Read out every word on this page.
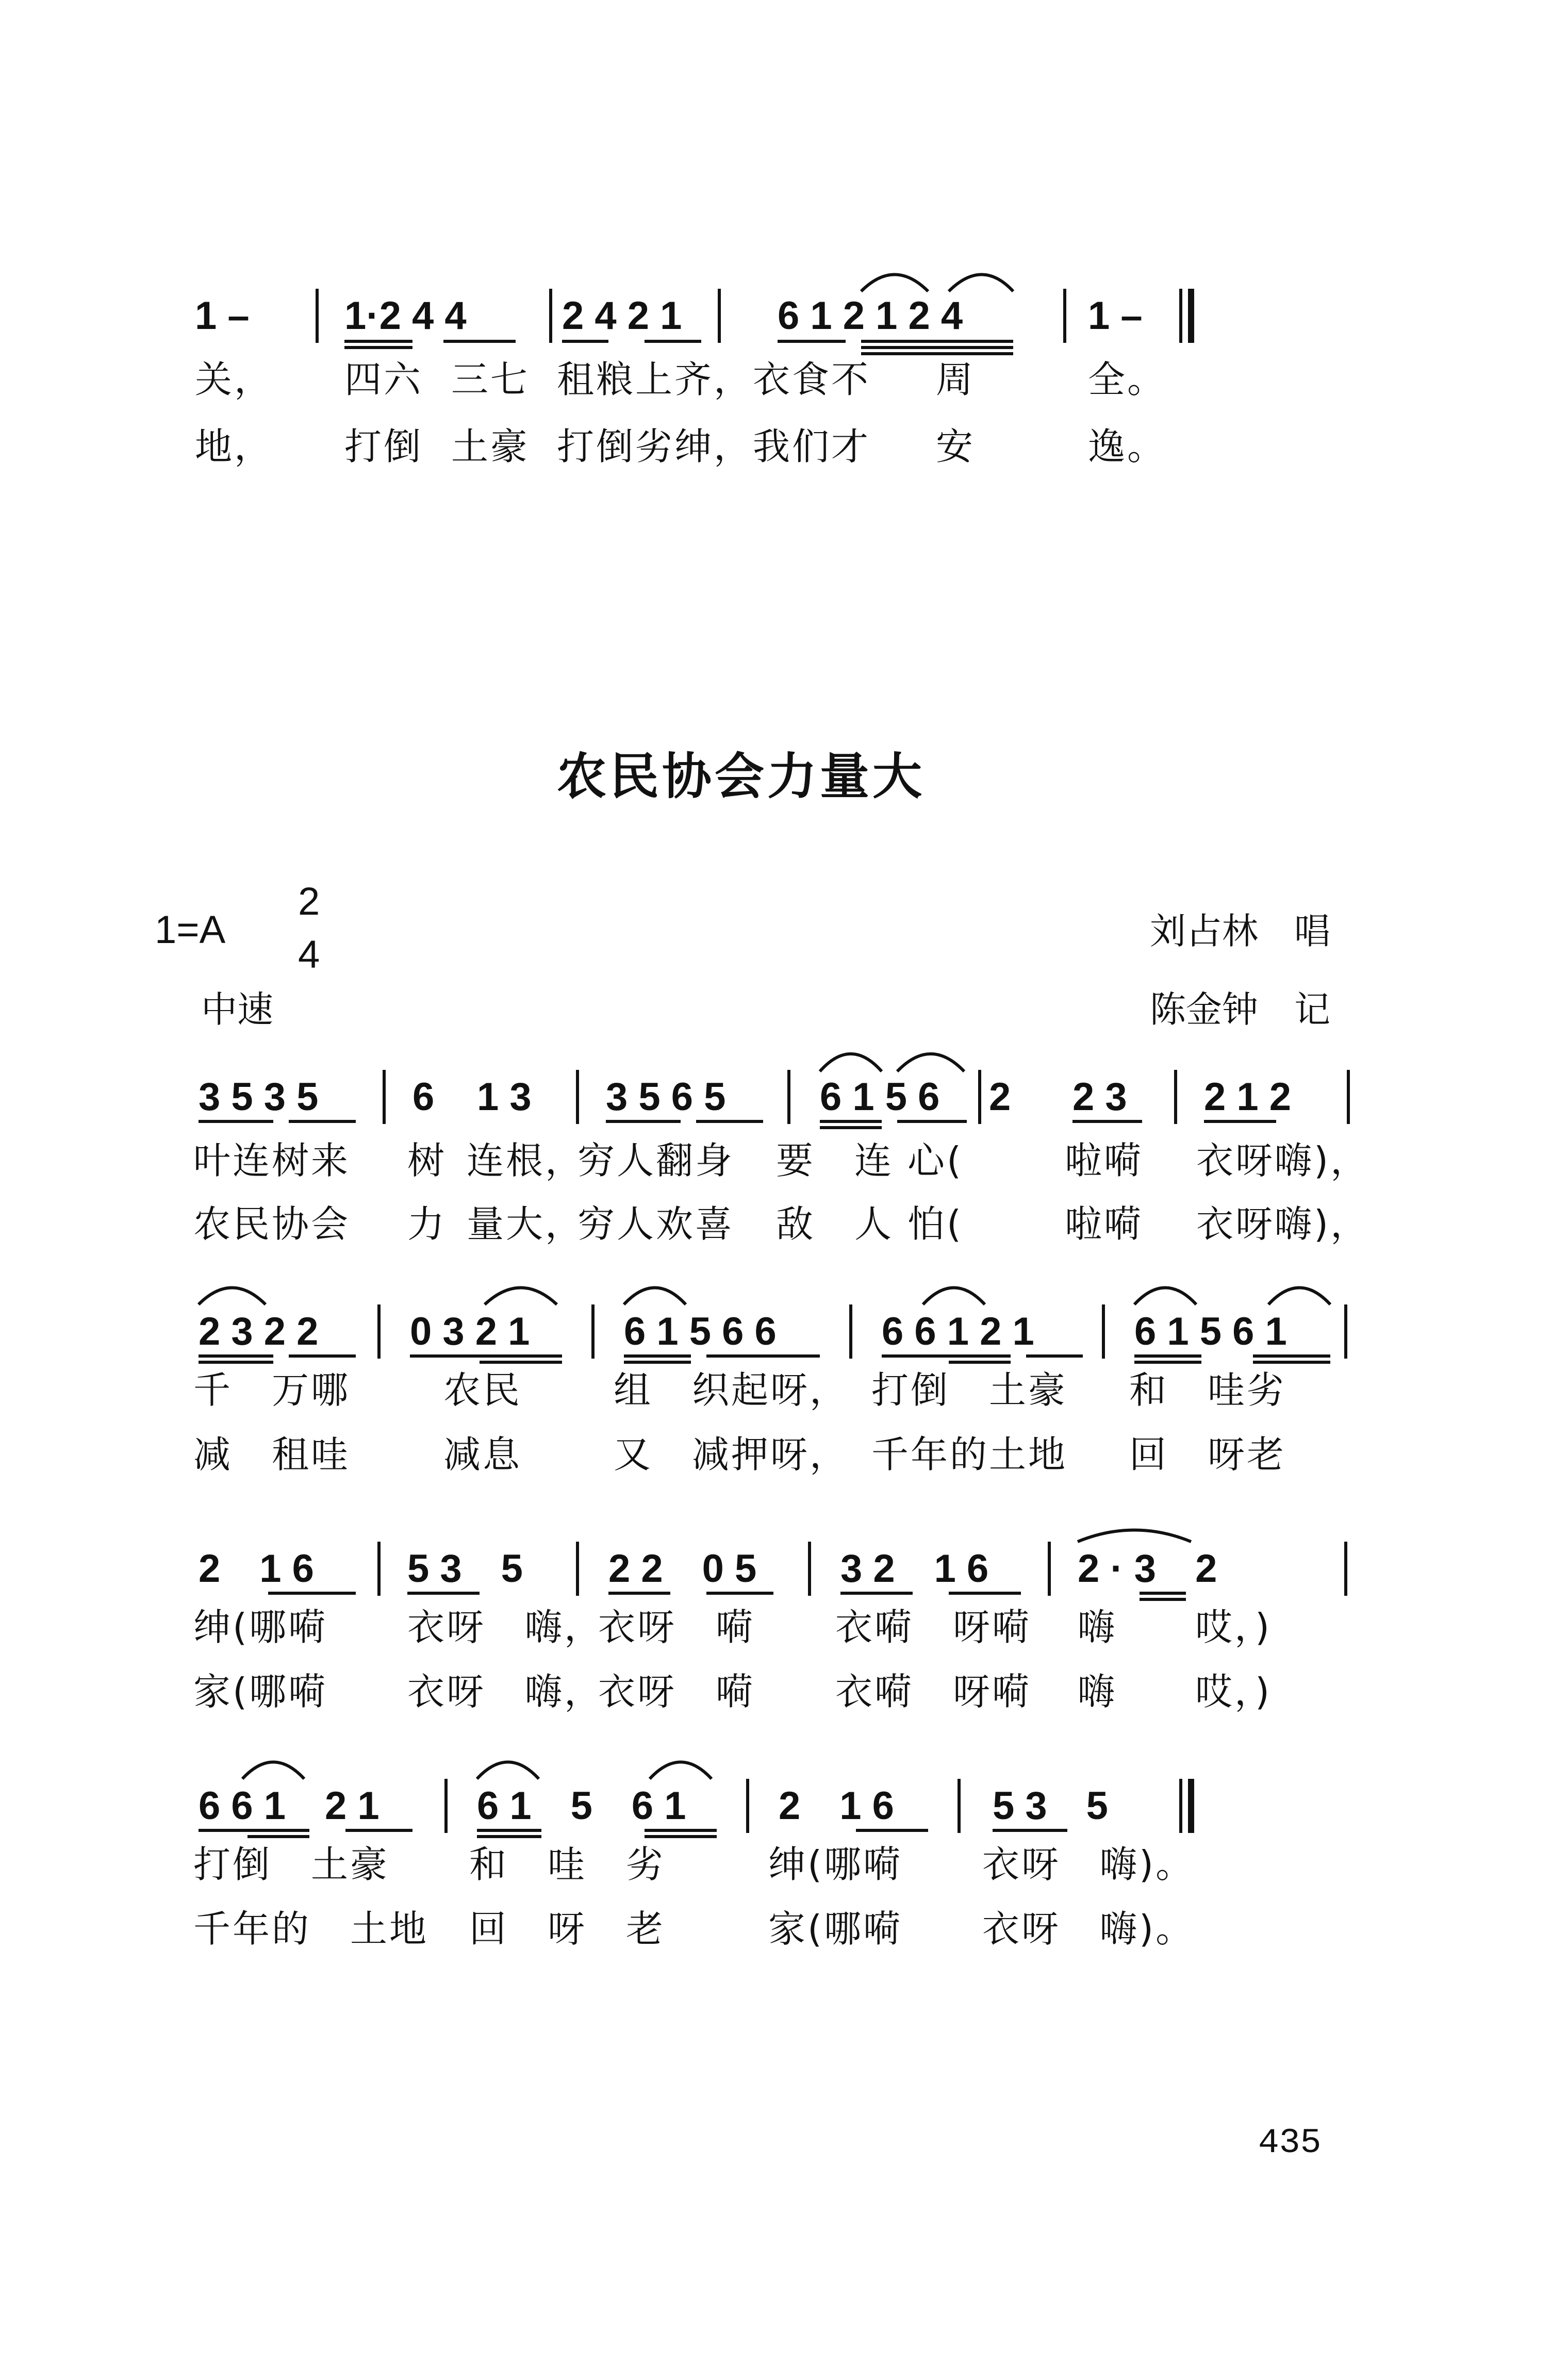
1 – 1·2 4 4 2 4 2 1 6 1 2 1 2 4	1 –
关， 四六 三七 租粮上齐，衣食不 周	全。
地， 打倒 土豪 打倒劣绅，我们才 安	逸。
农民协会力量大
1=A
2
4
中速
刘占林　唱
陈金钟　记
3 5 3 5 6 1 3 3 5 6 5 6 1 5 6 2 2 3 2 1 2
叶连树来 树 连根，
穷人翻身 要　连 心(	啦嗬 衣呀嗨)，
农民协会 力 量大，
穷人欢喜 敌　人 怕(	啦嗬 衣呀嗨)，
2 3 2 2 0 3 2 1 6 1 5 6 6	6 6 1 2 1	6 1 5 6 1
千　万哪	农民 组　织起呀， 打倒　土豪 和　哇劣
减　租哇	减息 又　减押呀， 千年的土地 回　呀老
2　1 6 5 3　5 2 2　0 5 3 2　1 6 2 · 3　2
绅(哪嗬 衣呀　嗨，
衣呀　嗬 衣嗬　呀嗬 嗨　　哎，)
家(哪嗬 衣呀　嗨，
衣呀　嗬 衣嗬　呀嗬 嗨　　哎，)
6 6 1　2 1 6 1　5　6 1 2　1 6	5 3　5
打倒　土豪 和　哇　劣	绅(哪嗬 衣呀　嗨)。
千年的　土地 回　呀　老	家(哪嗬 衣呀　嗨)。
435
